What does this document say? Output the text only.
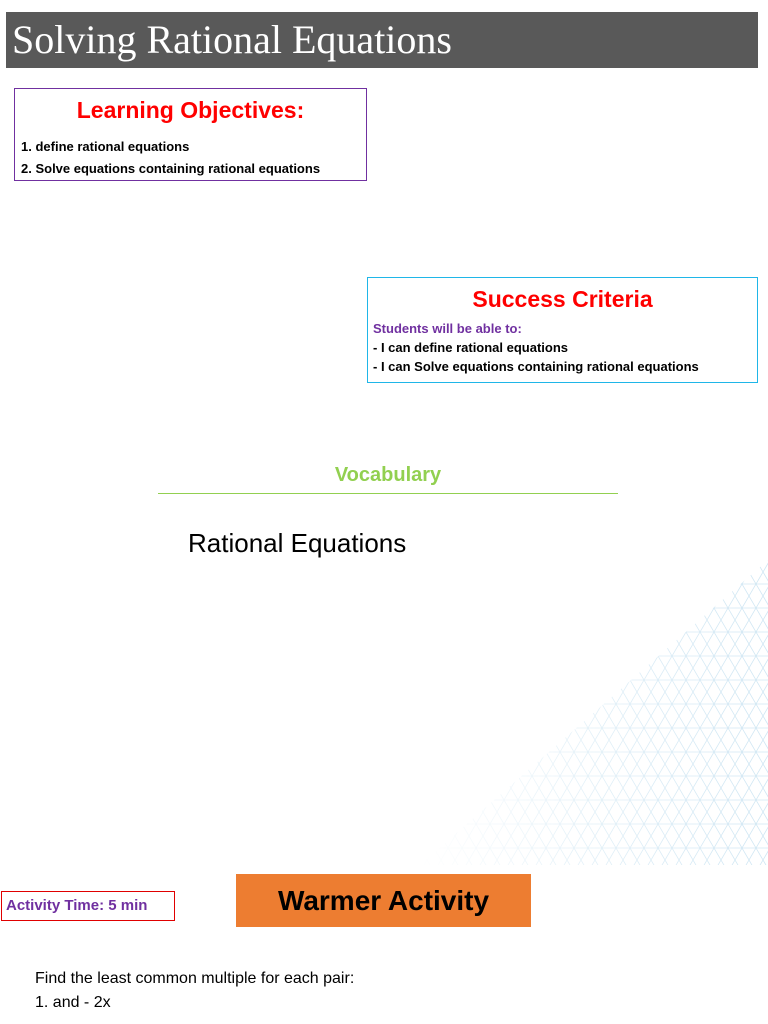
Solving Rational Equations
Learning Objectives:
1. define rational equations
2. Solve equations containing rational equations
Success Criteria
Students will be able to:
- I can define rational equations
- I can Solve equations containing rational equations
Vocabulary
Rational Equations
Activity Time: 5 min	Warmer Activity
Find the least common multiple for each pair:
1. and - 2x
